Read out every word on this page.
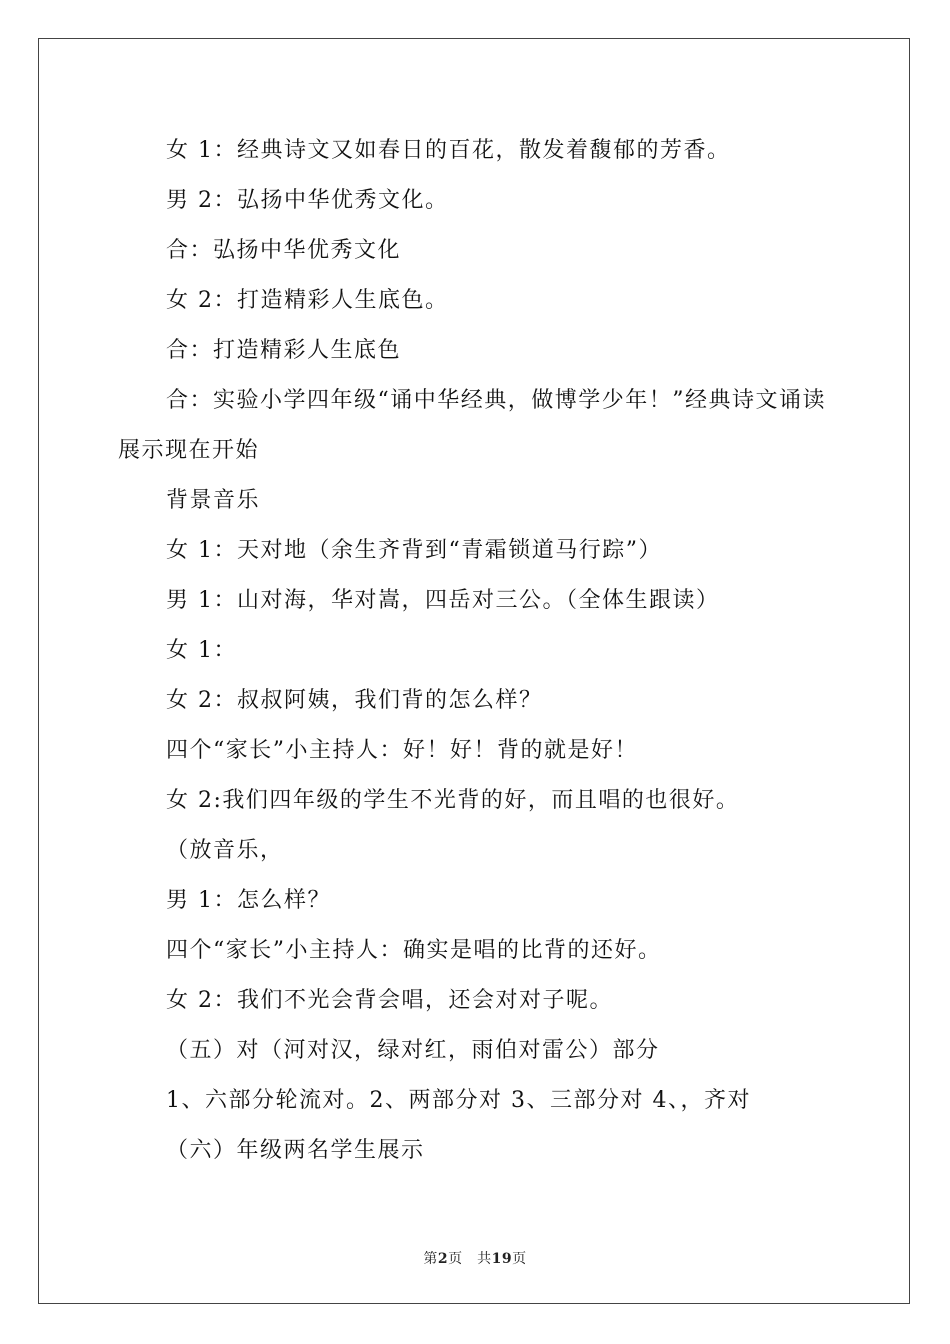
女 1：经典诗文又如春日的百花，散发着馥郁的芳香。

男 2：弘扬中华优秀文化。

合：弘扬中华优秀文化

女 2：打造精彩人生底色。

合：打造精彩人生底色

合：实验小学四年级“诵中华经典，做博学少年！”经典诗文诵读展示现在开始

背景音乐

女 1：天对地（余生齐背到“青霜锁道马行踪”）

男 1：山对海，华对嵩，四岳对三公。（全体生跟读）

女 1：

女 2：叔叔阿姨，我们背的怎么样？

四个“家长”小主持人：好！好！背的就是好！

女 2:我们四年级的学生不光背的好，而且唱的也很好。

（放音乐，

男 1：怎么样？

四个“家长”小主持人：确实是唱的比背的还好。

女 2：我们不光会背会唱，还会对对子呢。

（五）对（河对汉，绿对红，雨伯对雷公）部分

1、六部分轮流对。2、两部分对 3、三部分对 4、，齐对

（六）年级两名学生展示

第2页　共19页
